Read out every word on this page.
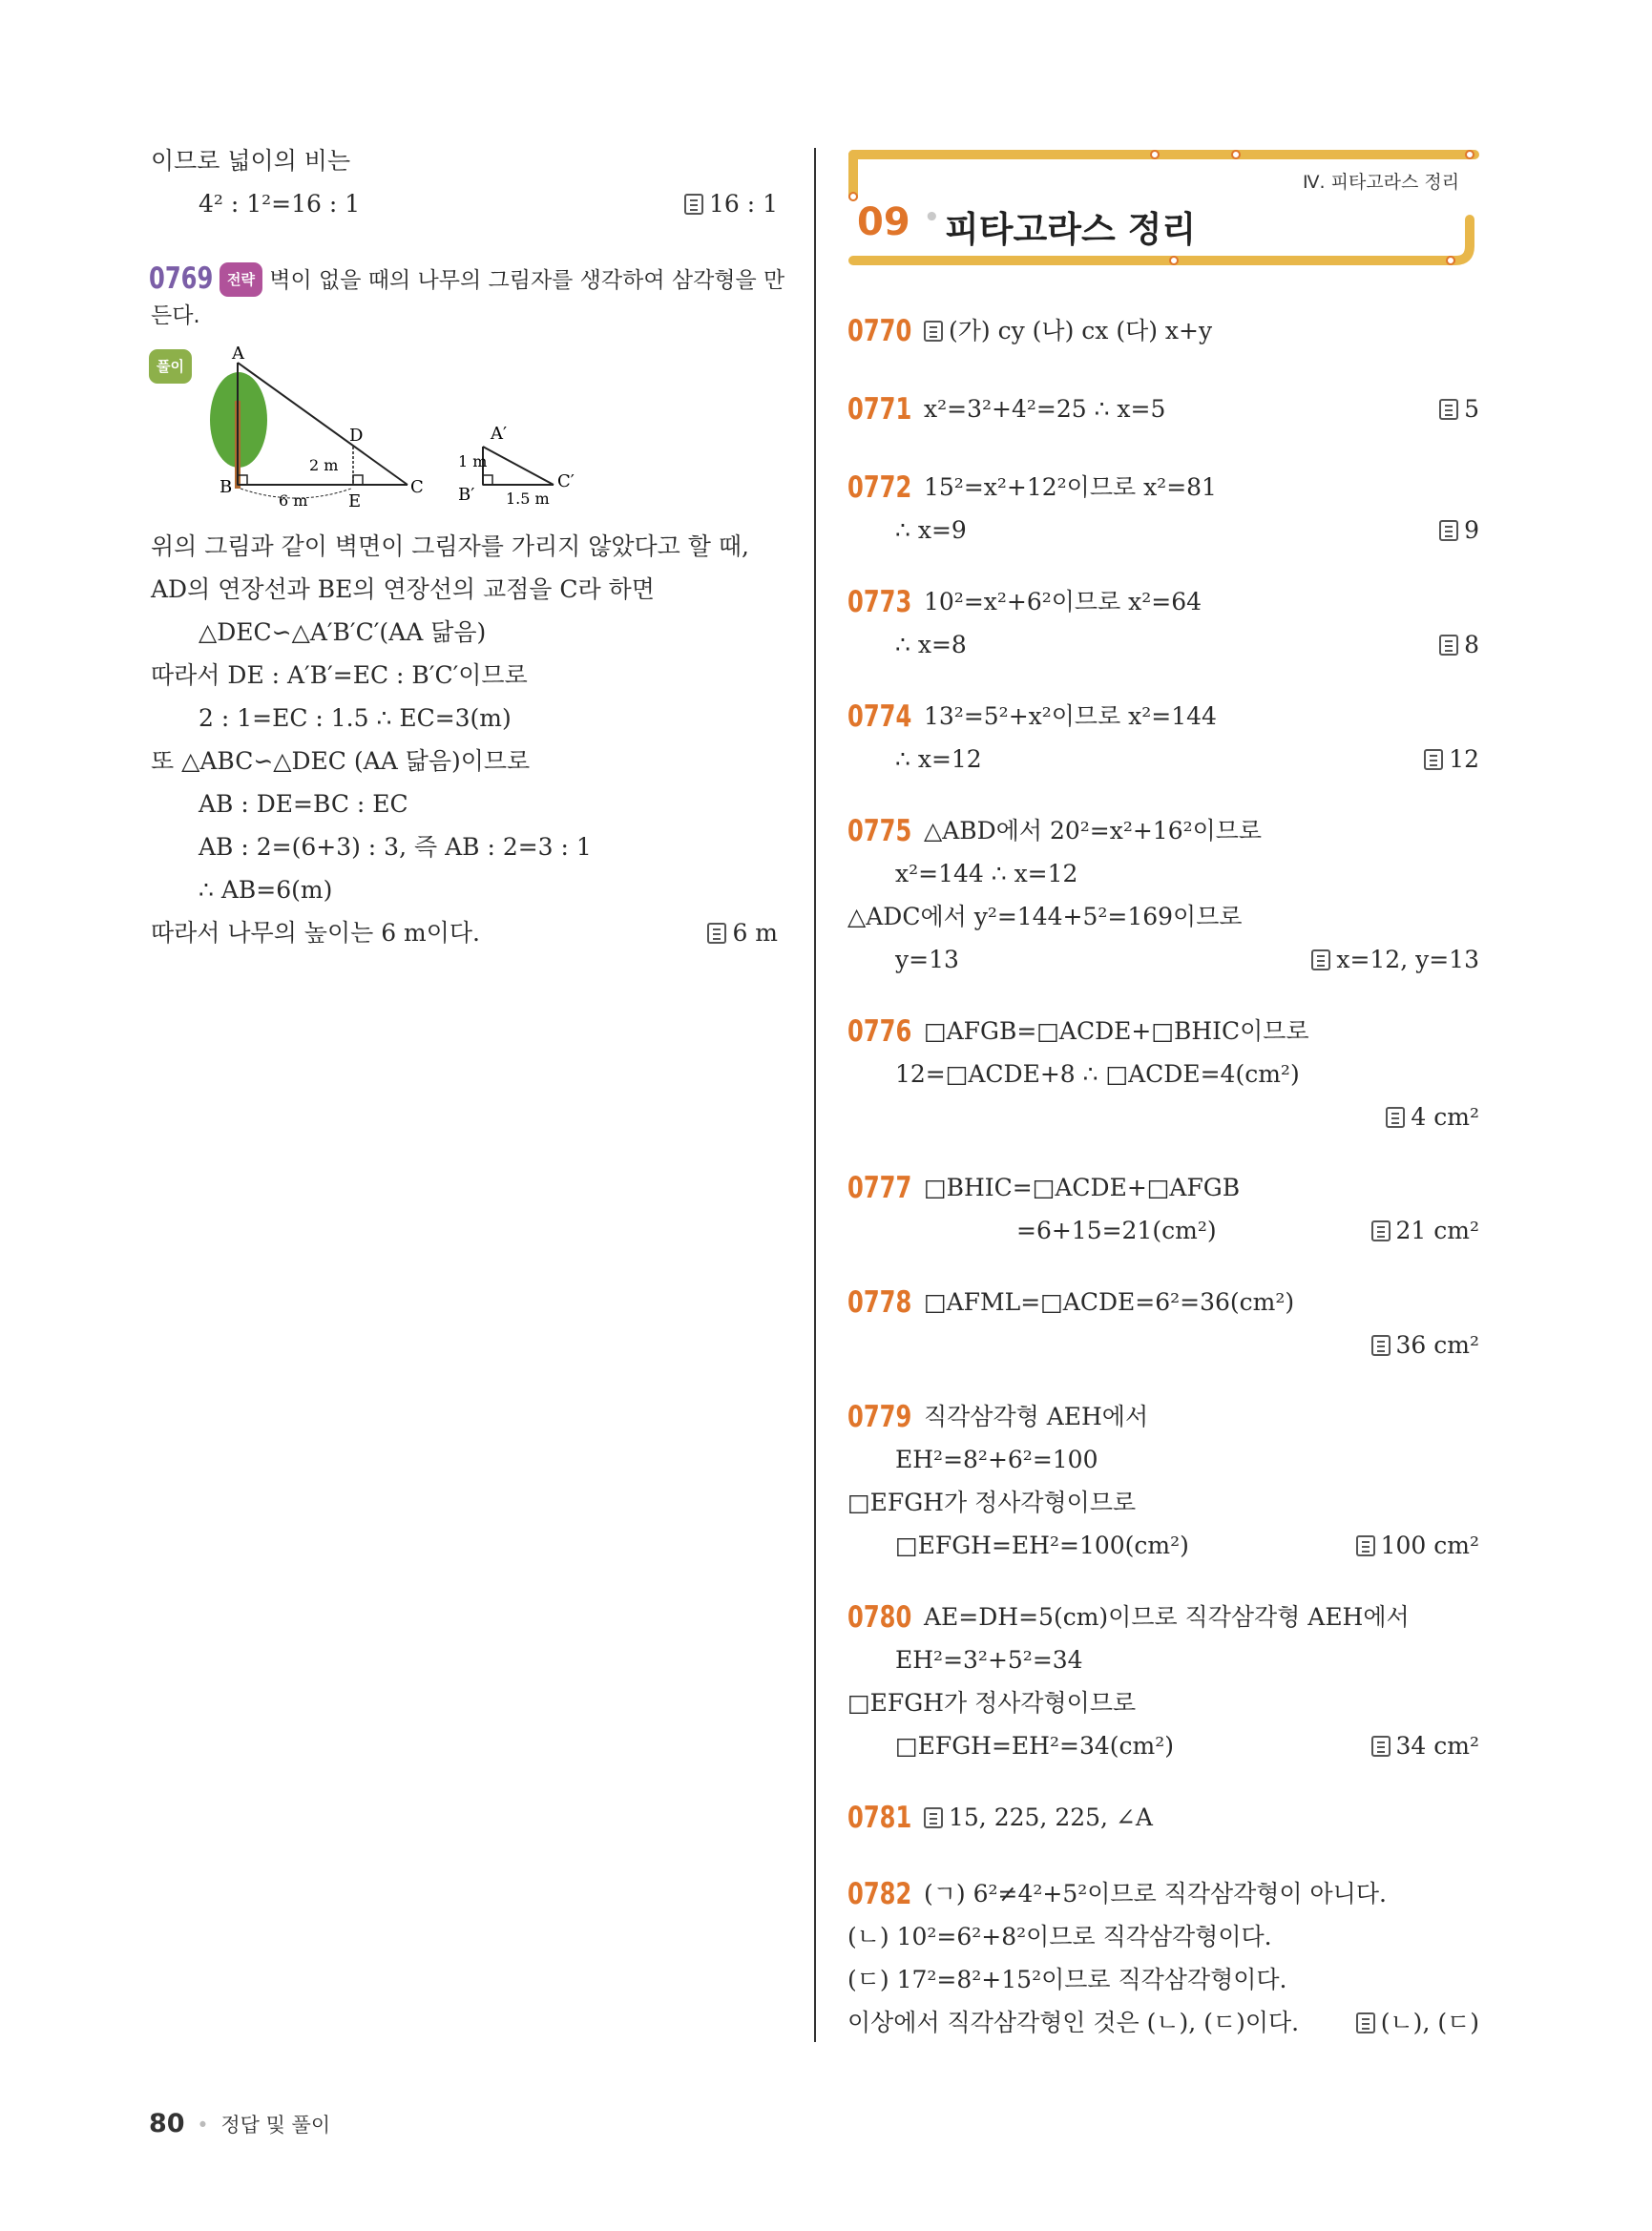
이므로 넓이의 비는
4² : 1²=16 : 1	16 : 1
0769 전략 벽이 없을 때의 나무의 그림자를 생각하여 삼각형을 만
든다.
풀이
A
B	C
D
E
2 m
6 m
A′
B′
C′
1 m
1.5 m
위의 그림과 같이 벽면이 그림자를 가리지 않았다고 할 때,
AD의 연장선과 BE의 연장선의 교점을 C라 하면
△DEC∽△A′B′C′(AA 닮음)
따라서 DE : A′B′=EC : B′C′이므로
2 : 1=EC : 1.5 ∴ EC=3(m)
또 △ABC∽△DEC (AA 닮음)이므로
AB : DE=BC : EC
AB : 2=(6+3) : 3, 즉 AB : 2=3 : 1
∴ AB=6(m)
따라서 나무의 높이는 6 m이다.	6 m
Ⅳ. 피타고라스 정리
09 • 피타고라스 정리
0770	(가) cy (나) cx (다) x+y
0771 x²=3²+4²=25 ∴ x=5	5
0772 15²=x²+12²이므로 x²=81
∴ x=9	9
0773 10²=x²+6²이므로 x²=64
∴ x=8	8
0774 13²=5²+x²이므로 x²=144
∴ x=12	12
0775 △ABD에서 20²=x²+16²이므로
x²=144 ∴ x=12
△ADC에서 y²=144+5²=169이므로
y=13	x=12, y=13
0776 □AFGB=□ACDE+□BHIC이므로
12=□ACDE+8 ∴ □ACDE=4(cm²)
4 cm²
0777 □BHIC=□ACDE+□AFGB
=6+15=21(cm²)	21 cm²
0778 □AFML=□ACDE=6²=36(cm²)
36 cm²
0779 직각삼각형 AEH에서
EH²=8²+6²=100
□EFGH가 정사각형이므로
□EFGH=EH²=100(cm²)	100 cm²
0780 AE=DH=5(cm)이므로 직각삼각형 AEH에서
EH²=3²+5²=34
□EFGH가 정사각형이므로
□EFGH=EH²=34(cm²)	34 cm²
0781	15, 225, 225, ∠A
0782 (ㄱ) 6²≠4²+5²이므로 직각삼각형이 아니다.
(ㄴ) 10²=6²+8²이므로 직각삼각형이다.
(ㄷ) 17²=8²+15²이므로 직각삼각형이다.
이상에서 직각삼각형인 것은 (ㄴ), (ㄷ)이다.	(ㄴ), (ㄷ)
80 • 정답 및 풀이
